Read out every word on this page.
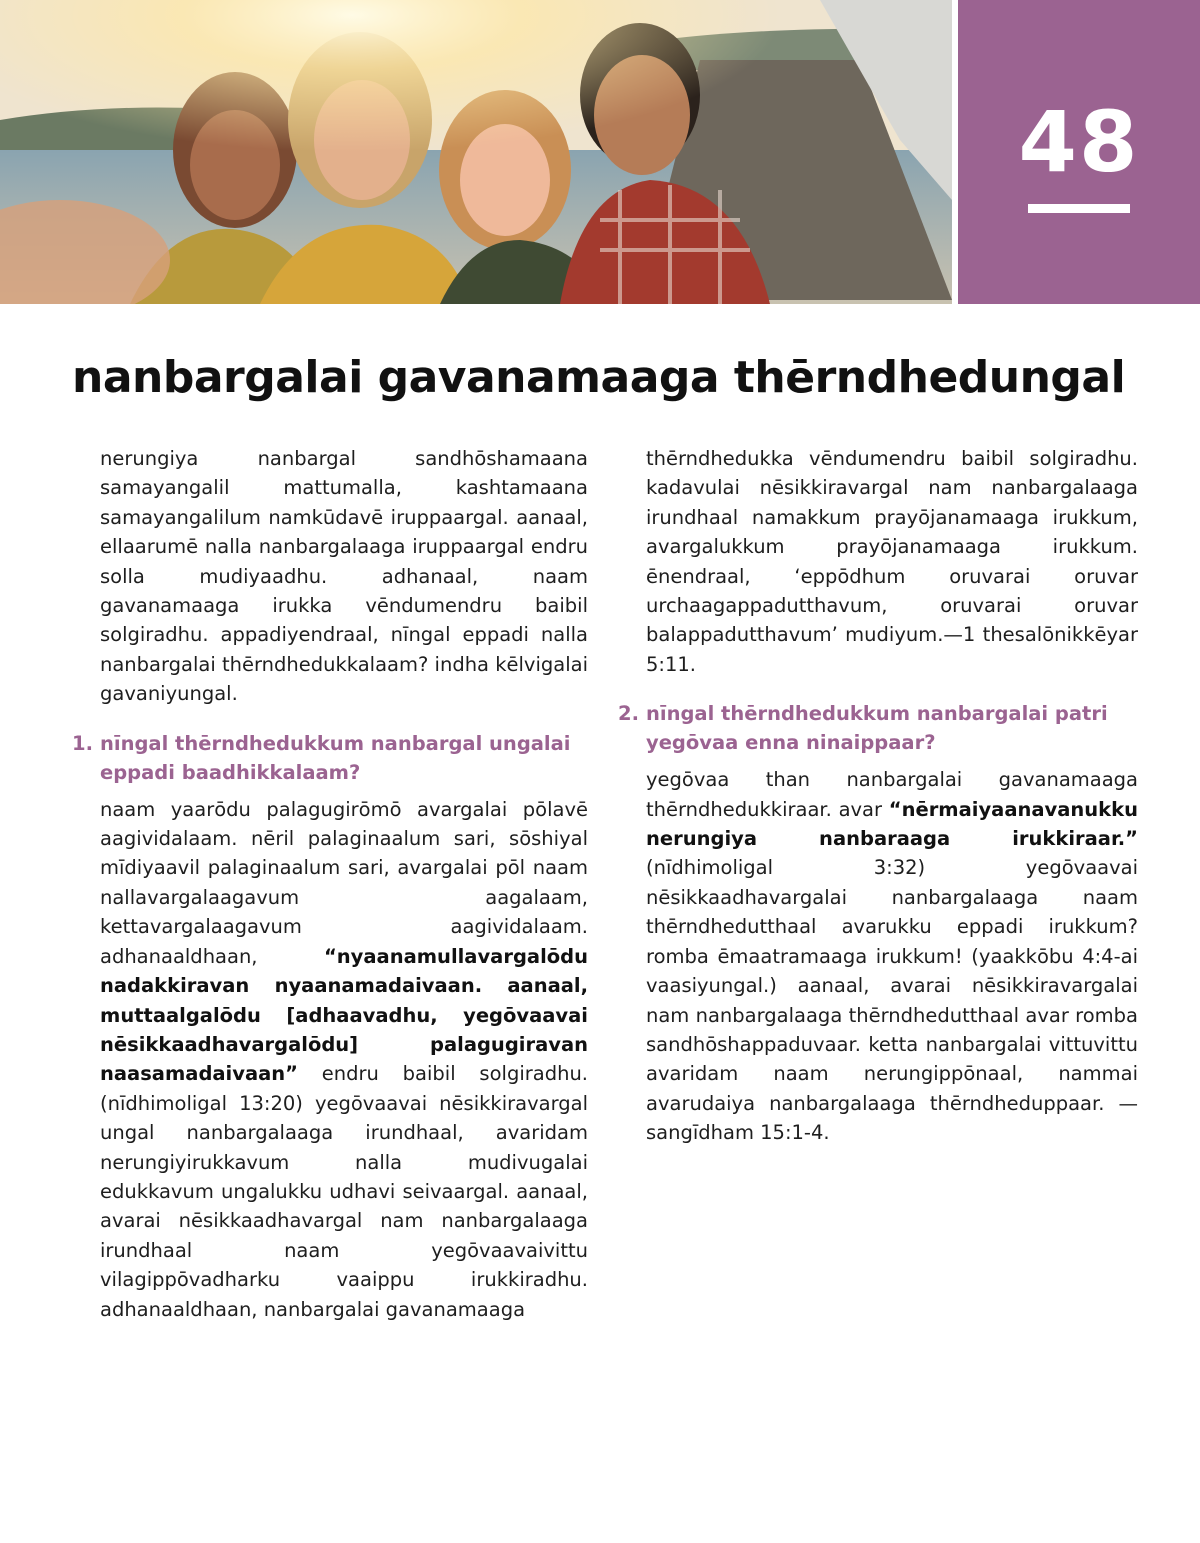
48
nanbargalai gavanamaaga thērndhedungal

nerungiya nanbargal sandhōshamaana samayangalil mattumalla, kashtamaana samayangalilum namkūdavē iruppaargal. aanaal, ellaarumē nalla nanbargalaaga iruppaargal endru solla mudiyaadhu. adhanaal, naam gavanamaaga irukka vēndumendru baibil solgiradhu. appadiyendraal, nīngal eppadi nalla nanbargalai thērndhedukkalaam? indha kēlvigalai gavaniyungal.

1. nīngal thērndhedukkum nanbargal ungalai eppadi baadhikkalaam?

naam yaarōdu palagugirōmō avargalai pōlavē aagividalaam. nēril palaginaalum sari, sōshiyal mīdiyaavil palaginaalum sari, avargalai pōl naam nallavargalaagavum aagalaam, kettavargalaagavum aagividalaam. adhanaaldhaan,	“nyaanamullavargalōdu nadakkiravan nyaanamadaivaan. aanaal, muttaalgalōdu [adhaavadhu, yegōvaavai nēsikkaadhavargalōdu] palagugiravan naasamadaivaan” endru baibil solgiradhu. (nīdhimoligal 13:20) yegōvaavai nēsikkiravargal ungal nanbargalaaga irundhaal, avaridam nerungiyirukkavum nalla mudivugalai edukkavum ungalukku udhavi seivaargal. aanaal, avarai nēsikkaadhavargal nam nanbargalaaga irundhaal naam yegōvaavaivittu vilagippōvadharku vaaippu irukkiradhu. adhanaaldhaan, nanbargalai gavanamaaga

thērndhedukka vēndumendru baibil solgiradhu. kadavulai nēsikkiravargal nam nanbargalaaga irundhaal namakkum prayōjanamaaga irukkum, avargalukkum prayōjanamaaga irukkum. ēnendraal, ‘eppōdhum oruvarai oruvar urchaagappadutthavum, oruvarai oruvar balappadutthavum’ mudiyum.—1 thesalōnikkēyar 5:11.

2. nīngal thērndhedukkum nanbargalai patri yegōvaa enna ninaippaar?

yegōvaa than nanbargalai gavanamaaga thērndhedukkiraar. avar “nērmaiyaanavanukku nerungiya nanbaraaga irukkiraar.” (nīdhimoligal 3:32) yegōvaavai nēsikkaadhavargalai nanbargalaaga naam thērndhedutthaal avarukku eppadi irukkum? romba ēmaatramaaga irukkum! (yaakkōbu 4:4-ai vaasiyungal.) aanaal, avarai nēsikkiravargalai nam nanbargalaaga thērndhedutthaal avar romba sandhōshappaduvaar. ketta nanbargalai vittuvittu avaridam naam nerungippōnaal, nammai avarudaiya nanbargalaaga thērndheduppaar. —sangīdham 15:1-4.
